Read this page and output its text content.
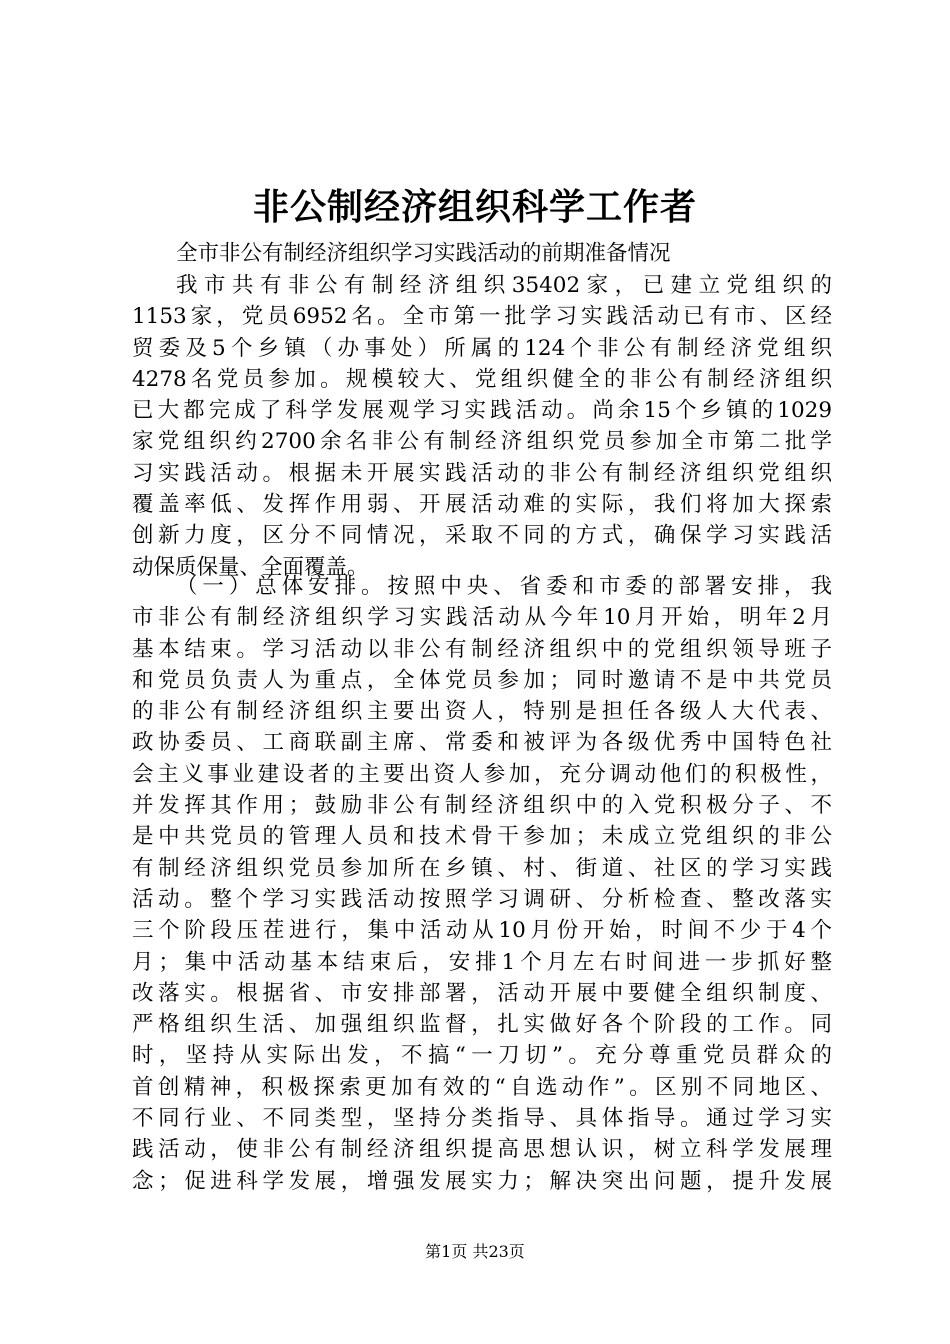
非公制经济组织科学工作者

全市非公有制经济组织学习实践活动的前期准备情况

我市共有非公有制经济组织35402家，已建立党组织的
1153家，党员6952名。全市第一批学习实践活动已有市、区经
贸委及5个乡镇（办事处）所属的124个非公有制经济党组织
4278名党员参加。规模较大、党组织健全的非公有制经济组织
已大都完成了科学发展观学习实践活动。尚余15个乡镇的1029
家党组织约2700余名非公有制经济组织党员参加全市第二批学
习实践活动。根据未开展实践活动的非公有制经济组织党组织
覆盖率低、发挥作用弱、开展活动难的实际，我们将加大探索
创新力度，区分不同情况，采取不同的方式，确保学习实践活
动保质保量、全面覆盖。
（一）总体安排。按照中央、省委和市委的部署安排，我
市非公有制经济组织学习实践活动从今年10月开始，明年2月
基本结束。学习活动以非公有制经济组织中的党组织领导班子
和党员负责人为重点，全体党员参加；同时邀请不是中共党员
的非公有制经济组织主要出资人，特别是担任各级人大代表、
政协委员、工商联副主席、常委和被评为各级优秀中国特色社
会主义事业建设者的主要出资人参加，充分调动他们的积极性，
并发挥其作用；鼓励非公有制经济组织中的入党积极分子、不
是中共党员的管理人员和技术骨干参加；未成立党组织的非公
有制经济组织党员参加所在乡镇、村、街道、社区的学习实践
活动。整个学习实践活动按照学习调研、分析检查、整改落实
三个阶段压茬进行，集中活动从10月份开始，时间不少于4个
月；集中活动基本结束后，安排1个月左右时间进一步抓好整
改落实。根据省、市安排部署，活动开展中要健全组织制度、
严格组织生活、加强组织监督，扎实做好各个阶段的工作。同
时，坚持从实际出发，不搞“一刀切”。充分尊重党员群众的
首创精神，积极探索更加有效的“自选动作”。区别不同地区、
不同行业、不同类型，坚持分类指导、具体指导。通过学习实
践活动，使非公有制经济组织提高思想认识，树立科学发展理
念；促进科学发展，增强发展实力；解决突出问题，提升发展
第1页 共23页
